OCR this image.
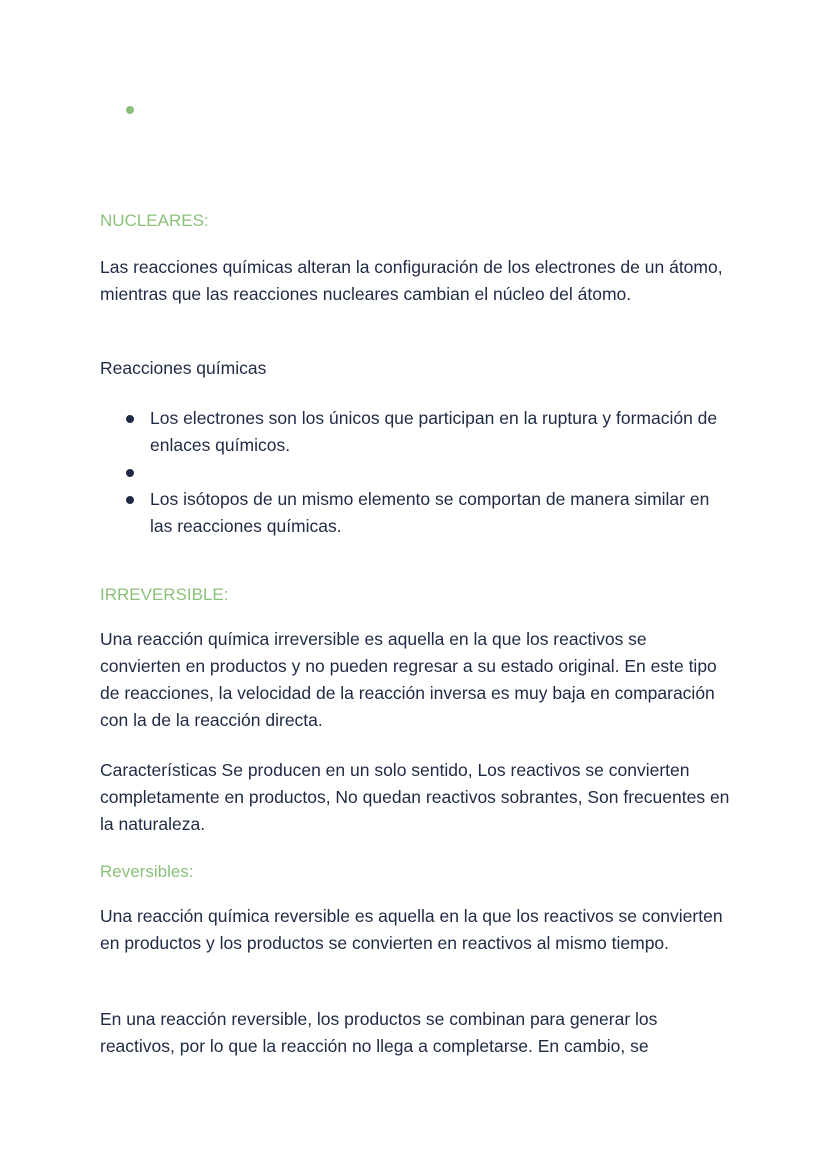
NUCLEARES:

Las reacciones químicas alteran la configuración de los electrones de un átomo, mientras que las reacciones nucleares cambian el núcleo del átomo.

Reacciones químicas

Los electrones son los únicos que participan en la ruptura y formación de enlaces químicos.
Los isótopos de un mismo elemento se comportan de manera similar en las reacciones químicas.
IRREVERSIBLE:

Una reacción química irreversible es aquella en la que los reactivos se convierten en productos y no pueden regresar a su estado original. En este tipo de reacciones, la velocidad de la reacción inversa es muy baja en comparación con la de la reacción directa.

Características Se producen en un solo sentido, Los reactivos se convierten completamente en productos, No quedan reactivos sobrantes, Son frecuentes en la naturaleza.

Reversibles:

Una reacción química reversible es aquella en la que los reactivos se convierten en productos y los productos se convierten en reactivos al mismo tiempo.

En una reacción reversible, los productos se combinan para generar los reactivos, por lo que la reacción no llega a completarse. En cambio, se
